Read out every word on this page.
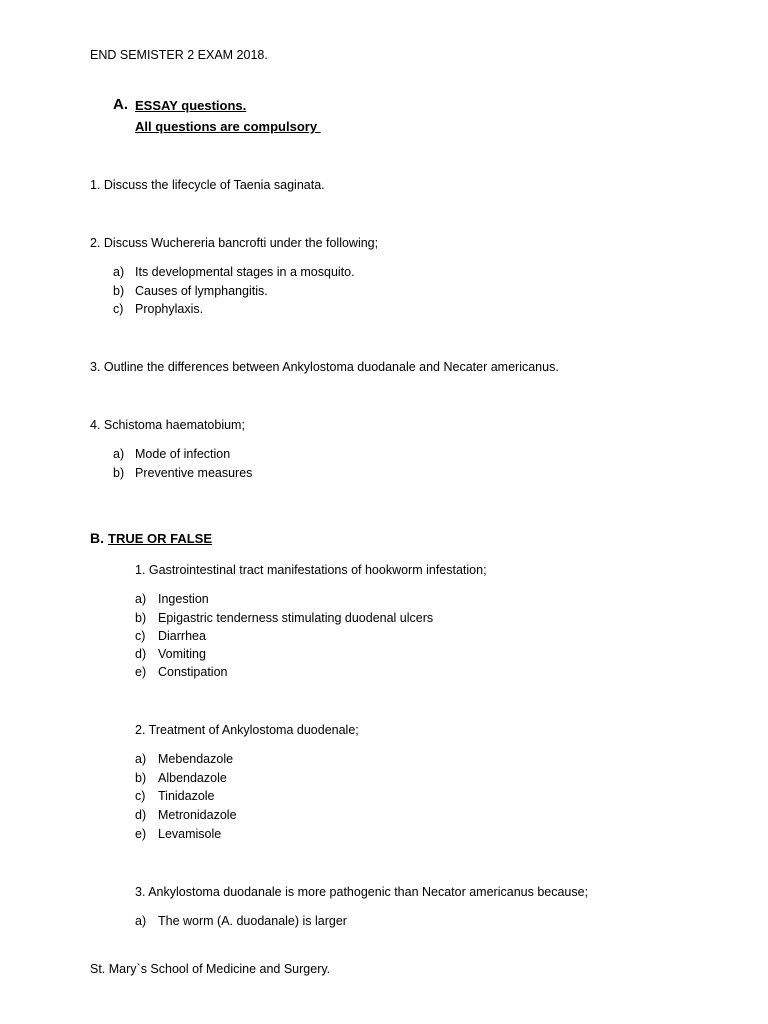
END SEMISTER 2 EXAM 2018.
A. ESSAY questions.
All questions are compulsory
1. Discuss the lifecycle of Taenia saginata.
2. Discuss Wuchereria bancrofti under the following;
a) Its developmental stages in a mosquito.
b) Causes of lymphangitis.
c) Prophylaxis.
3. Outline the differences between Ankylostoma duodanale and Necater americanus.
4. Schistoma haematobium;
a) Mode of infection
b) Preventive measures
B. TRUE OR FALSE
1. Gastrointestinal tract manifestations of hookworm infestation;
a) Ingestion
b) Epigastric tenderness stimulating duodenal ulcers
c) Diarrhea
d) Vomiting
e) Constipation
2. Treatment of Ankylostoma duodenale;
a) Mebendazole
b) Albendazole
c) Tinidazole
d) Metronidazole
e) Levamisole
3. Ankylostoma duodanale is more pathogenic than Necator americanus because;
a) The worm (A. duodanale) is larger
St. Mary`s School of Medicine and Surgery.
